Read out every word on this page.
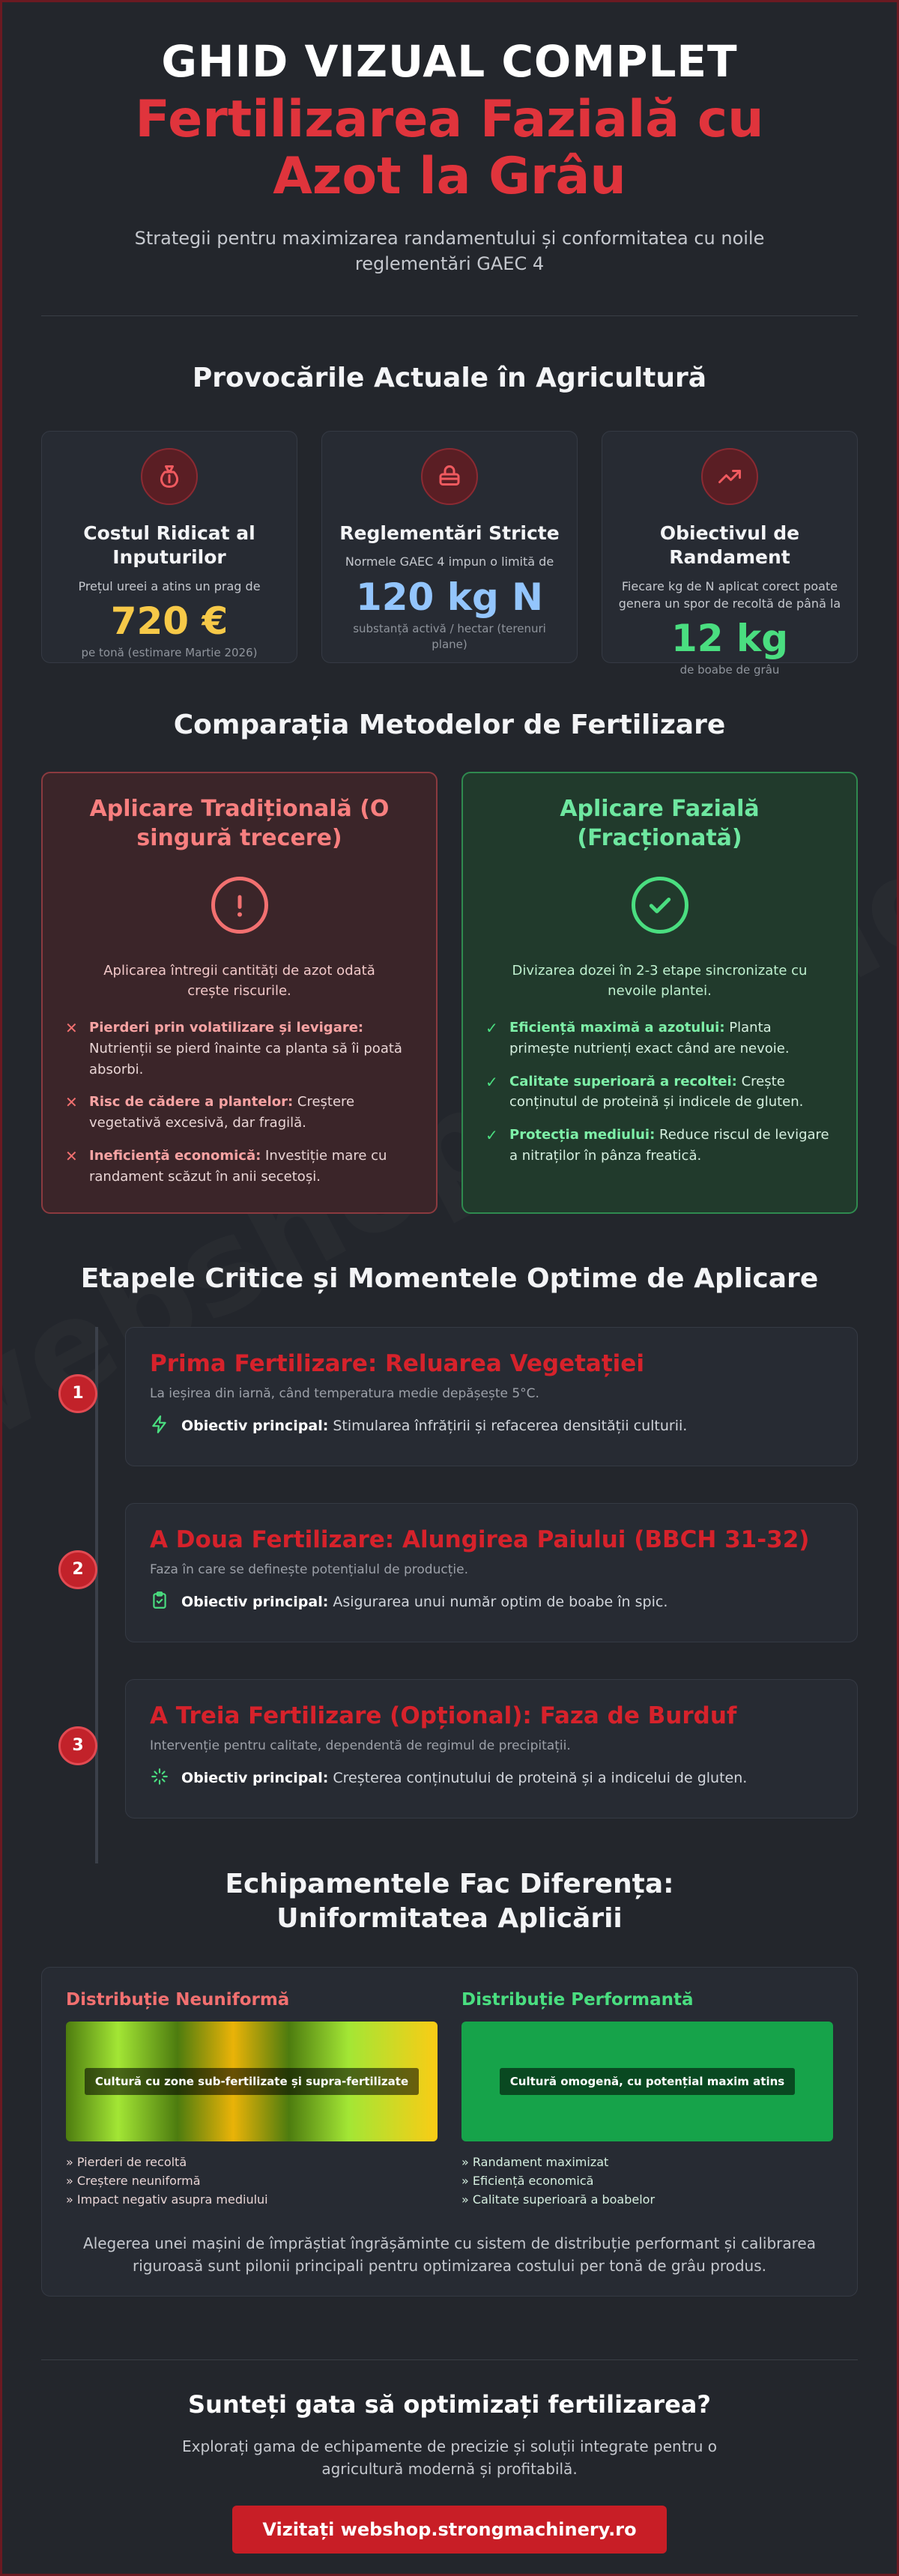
GHID VIZUAL COMPLET
Fertilizarea Fazială cu Azot la Grâu

Strategii pentru maximizarea randamentului și conformitatea cu noile reglementări GAEC 4

Provocările Actuale în Agricultură
Costul Ridicat al Inputurilor
Prețul ureei a atins un prag de
720 €
pe tonă (estimare Martie 2026)
Reglementări Stricte
Normele GAEC 4 impun o limită de
120 kg N
substanță activă / hectar (terenuri plane)
Obiectivul de Randament
Fiecare kg de N aplicat corect poate genera un spor de recoltă de până la
12 kg
de boabe de grâu
Comparația Metodelor de Fertilizare
Aplicare Tradițională (O singură trecere)
Aplicarea întregii cantități de azot odată crește riscurile.
✕ Pierderi prin volatilizare și levigare: Nutrienții se pierd înainte ca planta să îi poată absorbi.
✕ Risc de cădere a plantelor: Creștere vegetativă excesivă, dar fragilă.
✕ Ineficiență economică: Investiție mare cu randament scăzut în anii secetoși.
Aplicare Fazială (Fracționată)
Divizarea dozei în 2-3 etape sincronizate cu nevoile plantei.
✓ Eficiență maximă a azotului: Planta primește nutrienți exact când are nevoie.
✓ Calitate superioară a recoltei: Crește conținutul de proteină și indicele de gluten.
✓ Protecția mediului: Reduce riscul de levigare a nitraților în pânza freatică.
Etapele Critice și Momentele Optime de Aplicare
1
Prima Fertilizare: Reluarea Vegetației
La ieșirea din iarnă, când temperatura medie depășește 5°C.
Obiectiv principal: Stimularea înfrățirii și refacerea densității culturii.
2
A Doua Fertilizare: Alungirea Paiului (BBCH 31-32)
Faza în care se definește potențialul de producție.
Obiectiv principal: Asigurarea unui număr optim de boabe în spic.
3
A Treia Fertilizare (Opțional): Faza de Burduf
Intervenție pentru calitate, dependentă de regimul de precipitații.
Obiectiv principal: Creșterea conținutului de proteină și a indicelui de gluten.
Echipamentele Fac Diferența: Uniformitatea Aplicării
Distribuție Neuniformă
Cultură cu zone sub-fertilizate și supra-fertilizate
» Pierderi de recoltă
» Creștere neuniformă
» Impact negativ asupra mediului
Distribuție Performantă
Cultură omogenă, cu potențial maxim atins
» Randament maximizat
» Eficiență economică
» Calitate superioară a boabelor
Alegerea unei mașini de împrăștiat îngrășăminte cu sistem de distribuție performant și calibrarea riguroasă sunt pilonii principali pentru optimizarea costului per tonă de grâu produs.
Sunteți gata să optimizați fertilizarea?

Explorați gama de echipamente de precizie și soluții integrate pentru o agricultură modernă și profitabilă.

Vizitați webshop.strongmachinery.ro
